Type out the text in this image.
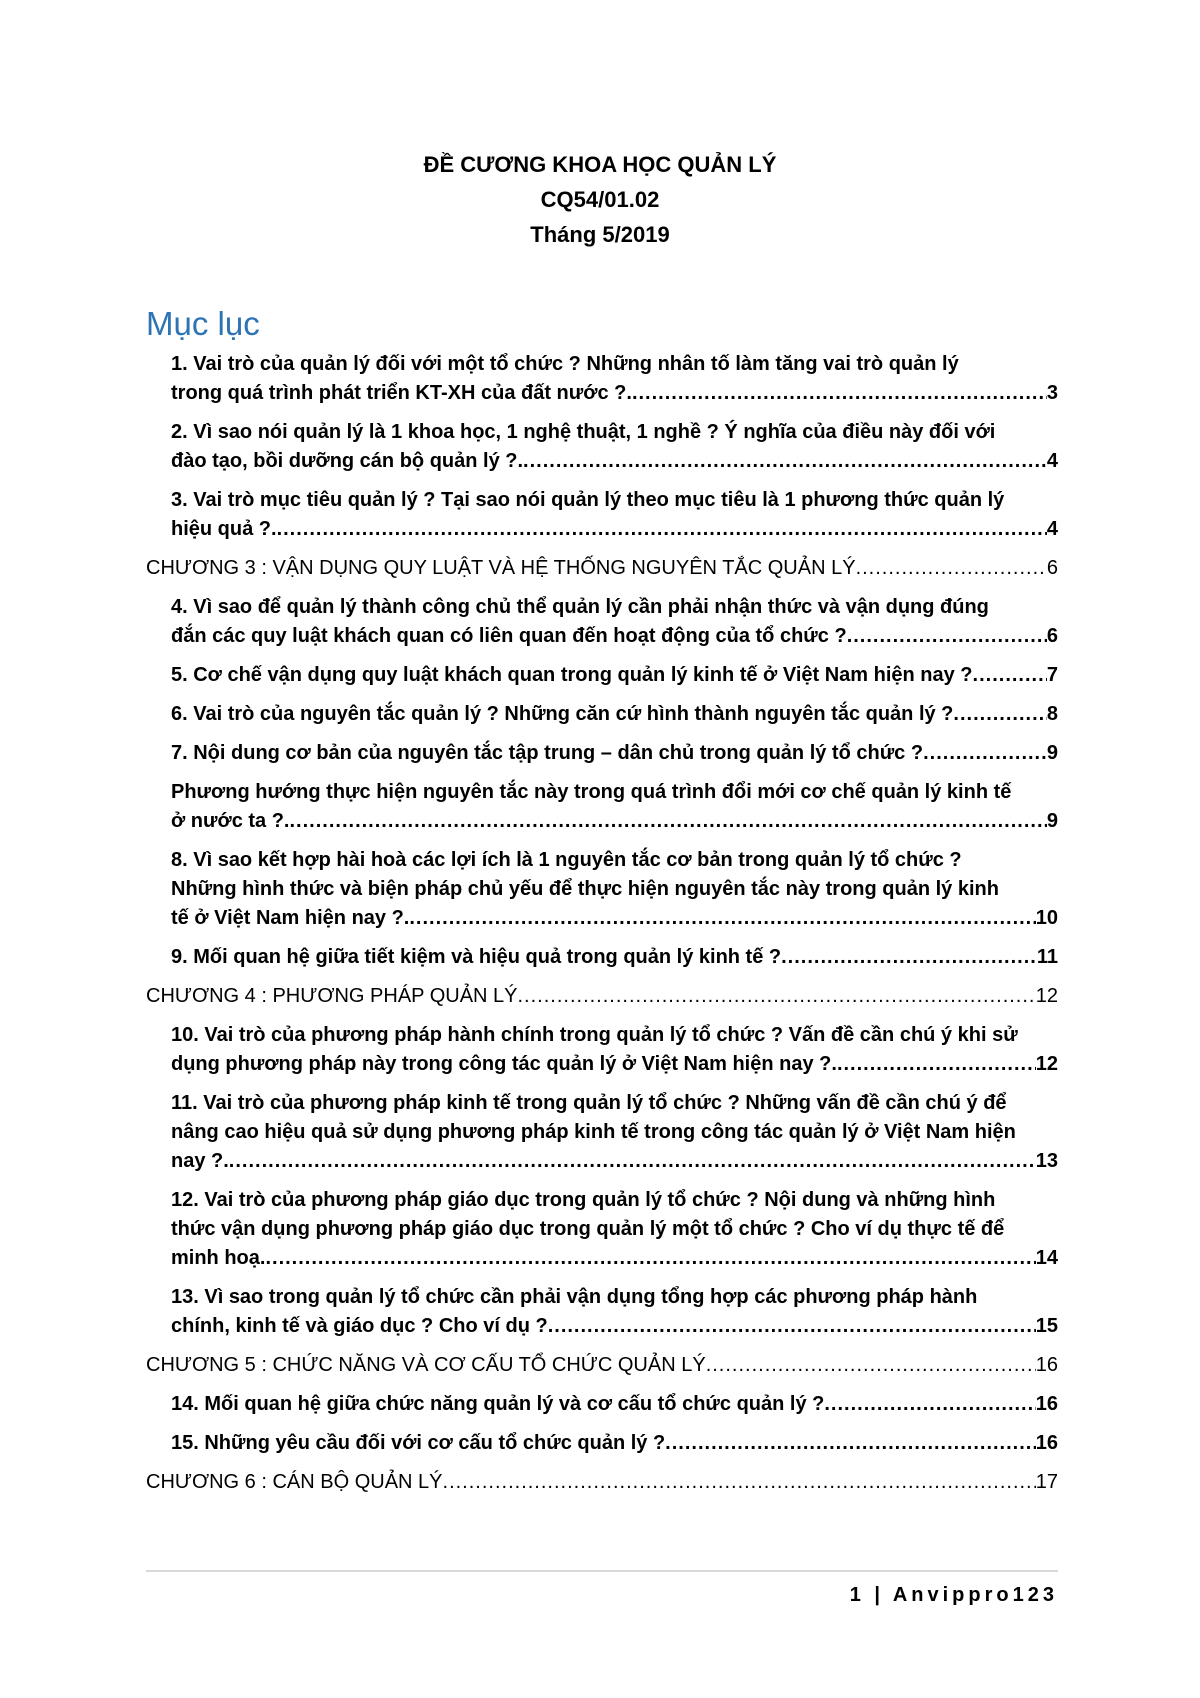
ĐỀ CƯƠNG KHOA HỌC QUẢN LÝ
CQ54/01.02
Tháng 5/2019
Mục lục
1. Vai trò của quản lý đối với một tổ chức ? Những nhân tố làm tăng vai trò quản lý
trong quá trình phát triển KT-XH của đất nước ?. .....	3
2. Vì sao nói quản lý là 1 khoa học, 1 nghệ thuật, 1 nghề ? Ý nghĩa của điều này đối với
đào tạo, bồi dưỡng cán bộ quản lý ?. .....	4
3. Vai trò mục tiêu quản lý ? Tại sao nói quản lý theo mục tiêu là 1 phương thức quản lý
hiệu quả ?. .....	4
CHƯƠNG 3 : VẬN DỤNG QUY LUẬT VÀ HỆ THỐNG NGUYÊN TẮC QUẢN LÝ .....	6
4. Vì sao để quản lý thành công chủ thể quản lý cần phải nhận thức và vận dụng đúng
đắn các quy luật khách quan có liên quan đến hoạt động của tổ chức ? .....	6
5. Cơ chế vận dụng quy luật khách quan trong quản lý kinh tế ở Việt Nam hiện nay ? .....	7
6. Vai trò của nguyên tắc quản lý ? Những căn cứ hình thành nguyên tắc quản lý ? .....	8
7. Nội dung cơ bản của nguyên tắc tập trung – dân chủ trong quản lý tổ chức ? .....	9
Phương hướng thực hiện nguyên tắc này trong quá trình đổi mới cơ chế quản lý kinh tế
ở nước ta ?. .....	9
8. Vì sao kết hợp hài hoà các lợi ích là 1 nguyên tắc cơ bản trong quản lý tổ chức ?
Những hình thức và biện pháp chủ yếu để thực hiện nguyên tắc này trong quản lý kinh
tế ở Việt Nam hiện nay ?. .....	10
9. Mối quan hệ giữa tiết kiệm và hiệu quả trong quản lý kinh tế ? .....	11
CHƯƠNG 4 : PHƯƠNG PHÁP QUẢN LÝ .....	12
10. Vai trò của phương pháp hành chính trong quản lý tổ chức ? Vấn đề cần chú ý khi sử
dụng phương pháp này trong công tác quản lý ở Việt Nam hiện nay ?. .....	12
11. Vai trò của phương pháp kinh tế trong quản lý tổ chức ? Những vấn đề cần chú ý để
nâng cao hiệu quả sử dụng phương pháp kinh tế trong công tác quản lý ở Việt Nam hiện
nay ?. .....	13
12. Vai trò của phương pháp giáo dục trong quản lý tổ chức ? Nội dung và những hình
thức vận dụng phương pháp giáo dục trong quản lý một tổ chức ? Cho ví dụ thực tế để
minh hoạ. .....	14
13. Vì sao trong quản lý tổ chức cần phải vận dụng tổng hợp các phương pháp hành
chính, kinh tế và giáo dục ? Cho ví dụ ? .....	15
CHƯƠNG 5 : CHỨC NĂNG VÀ CƠ CẤU TỔ CHỨC QUẢN LÝ .....	16
14. Mối quan hệ giữa chức năng quản lý và cơ cấu tổ chức quản lý ? .....	16
15. Những yêu cầu đối với cơ cấu tổ chức quản lý ? .....	16
CHƯƠNG 6 : CÁN BỘ QUẢN LÝ .....	17
1 | Anvippro123
